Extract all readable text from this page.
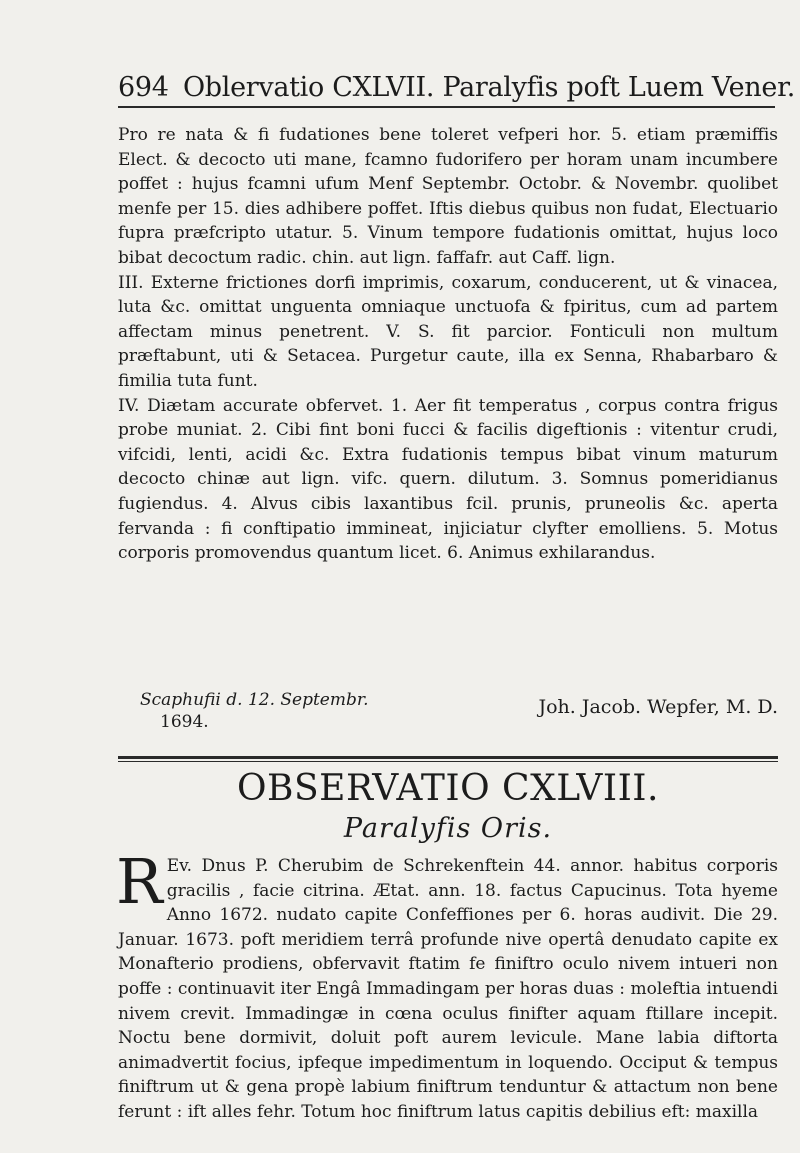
694 Oblervatio CXLVII. Paralyfis poft Luem Vener.

Pro re nata & fi fudationes bene toleret vefperi hor. 5. etiam præmiffis Elect. & decocto uti mane, fcamno fudorifero per horam unam incumbere poffet : hujus fcamni ufum Menf Septembr. Octobr. & Novembr. quolibet menfe per 15. dies adhibere poffet. Iftis diebus quibus non fudat, Electuario fupra præfcripto utatur. 5. Vinum tempore fudationis omittat, hujus loco bibat decoctum radic. chin. aut lign. faffafr. aut Caff. lign.

III. Externe frictiones dorfi imprimis, coxarum, conducerent, ut & vinacea, luta &c. omittat unguenta omniaque unctuofa & fpiritus, cum ad partem affectam minus penetrent. V. S. fit parcior. Fonticuli non multum præftabunt, uti & Setacea. Purgetur caute, illa ex Senna, Rhabarbaro & fimilia tuta funt.

IV. Diætam accurate obfervet. 1. Aer fit temperatus , corpus contra frigus probe muniat. 2. Cibi fint boni fucci & facilis digeftionis : vitentur crudi, vifcidi, lenti, acidi &c. Extra fudationis tempus bibat vinum maturum decocto chinæ aut lign. vifc. quern. dilutum. 3. Somnus pomeridianus fugiendus. 4. Alvus cibis laxantibus fcil. prunis, pruneolis &c. aperta fervanda : fi conftipatio immineat, injiciatur clyfter emolliens. 5. Motus corporis promovendus quantum licet. 6. Animus exhilarandus.

Scaphufii d. 12. Septembr.
1694.
Joh. Jacob. Wepfer, M. D.
OBSERVATIO CXLVIII.
Paralyfis Oris.
R Ev. Dnus P. Cherubim de Schrekenftein 44. annor. habitus corporis gracilis , facie citrina. Ætat. ann. 18. factus Capucinus. Tota hyeme Anno 1672. nudato capite Confeffiones per 6. horas audivit. Die 29. Januar. 1673. poft meridiem terrâ profunde nive opertâ denudato capite ex Monafterio prodiens, obfervavit ftatim fe finiftro oculo nivem intueri non poffe : continuavit iter Engâ Immadingam per horas duas : moleftia intuendi nivem crevit. Immadingæ in cœna oculus finifter aquam ftillare incepit. Noctu bene dormivit, doluit poft aurem levicule. Mane labia diftorta animadvertit focius, ipfeque impedimentum in loquendo. Occiput & tempus finiftrum ut & gena propè labium finiftrum tenduntur & attactum non bene ferunt : ift alles fehr. Totum hoc finiftrum latus capitis debilius eft: maxilla
